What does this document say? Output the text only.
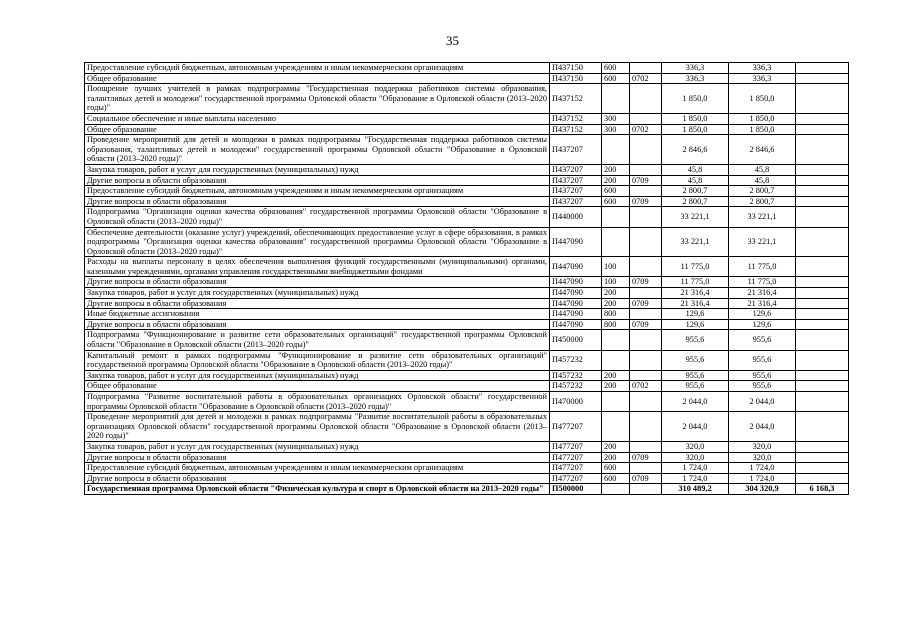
35
Предоставление субсидий бюджетным, автономным учреждениям и иным некоммерческим организациям	П437150	600		336,3	336,3	
Общее образование	П437150	600	0702	336,3	336,3	
Поощрение лучших учителей в рамках подпрограммы "Государственная поддержка работников системы образования, талантливых детей и молодежи" государственной программы Орловской области "Образование в Орловской области (2013–2020 годы)"	П437152			1 850,0	1 850,0	
Социальное обеспечение и иные выплаты населению	П437152	300		1 850,0	1 850,0	
Общее образование	П437152	300	0702	1 850,0	1 850,0	
Проведение мероприятий для детей и молодежи в рамках подпрограммы "Государственная поддержка работников системы образования, талантливых детей и молодежи" государственной программы Орловской области "Образование в Орловской области (2013–2020 годы)"	П437207			2 846,6	2 846,6	
Закупка товаров, работ и услуг для государственных (муниципальных) нужд	П437207	200		45,8	45,8	
Другие вопросы в области образования	П437207	200	0709	45,8	45,8	
Предоставление субсидий бюджетным, автономным учреждениям и иным некоммерческим организациям	П437207	600		2 800,7	2 800,7	
Другие вопросы в области образования	П437207	600	0709	2 800,7	2 800,7	
Подпрограмма "Организация оценки качества образования" государственной программы Орловской области "Образование в Орловской области (2013–2020 годы)"	П440000			33 221,1	33 221,1	
Обеспечение деятельности (оказание услуг) учреждений, обеспечивающих предоставление услуг в сфере образования, в рамках подпрограммы "Организация оценки качества образования" государственной программы Орловской области "Образование в Орловской области (2013–2020 годы)"	П447090			33 221,1	33 221,1	
Расходы на выплаты персоналу в целях обеспечения выполнения функций государственными (муниципальными) органами, казенными учреждениями, органами управления государственными внебюджетными фондами	П447090	100		11 775,0	11 775,0	
Другие вопросы в области образования	П447090	100	0709	11 775,0	11 775,0	
Закупка товаров, работ и услуг для государственных (муниципальных) нужд	П447090	200		21 316,4	21 316,4	
Другие вопросы в области образования	П447090	200	0709	21 316,4	21 316,4	
Иные бюджетные ассигнования	П447090	800		129,6	129,6	
Другие вопросы в области образования	П447090	800	0709	129,6	129,6	
Подпрограмма "Функционирование и развитие сети образовательных организаций" государственной программы Орловской области "Образование в Орловской области (2013–2020 годы)"	П450000			955,6	955,6	
Капитальный ремонт в рамках подпрограммы "Функционирование и развитие сети образовательных организаций" государственной программы Орловской области "Образование в Орловской области (2013–2020 годы)"	П457232			955,6	955,6	
Закупка товаров, работ и услуг для государственных (муниципальных) нужд	П457232	200		955,6	955,6	
Общее образование	П457232	200	0702	955,6	955,6	
Подпрограмма "Развитие воспитательной работы в образовательных организациях Орловской области" государственной программы Орловской области "Образование в Орловской области (2013–2020 годы)"	П470000			2 044,0	2 044,0	
Проведение мероприятий для детей и молодежи в рамках подпрограммы "Развитие воспитательной работы в образовательных организациях Орловской области" государственной программы Орловской области "Образование в Орловской области (2013–2020 годы)"	П477207			2 044,0	2 044,0	
Закупка товаров, работ и услуг для государственных (муниципальных) нужд	П477207	200		320,0	320,0	
Другие вопросы в области образования	П477207	200	0709	320,0	320,0	
Предоставление субсидий бюджетным, автономным учреждениям и иным некоммерческим организациям	П477207	600		1 724,0	1 724,0	
Другие вопросы в области образования	П477207	600	0709	1 724,0	1 724,0	
Государственная программа Орловской области "Физическая культура и спорт в Орловской области на 2013–2020 годы"	П500000			310 489,2	304 320,9	6 168,3
